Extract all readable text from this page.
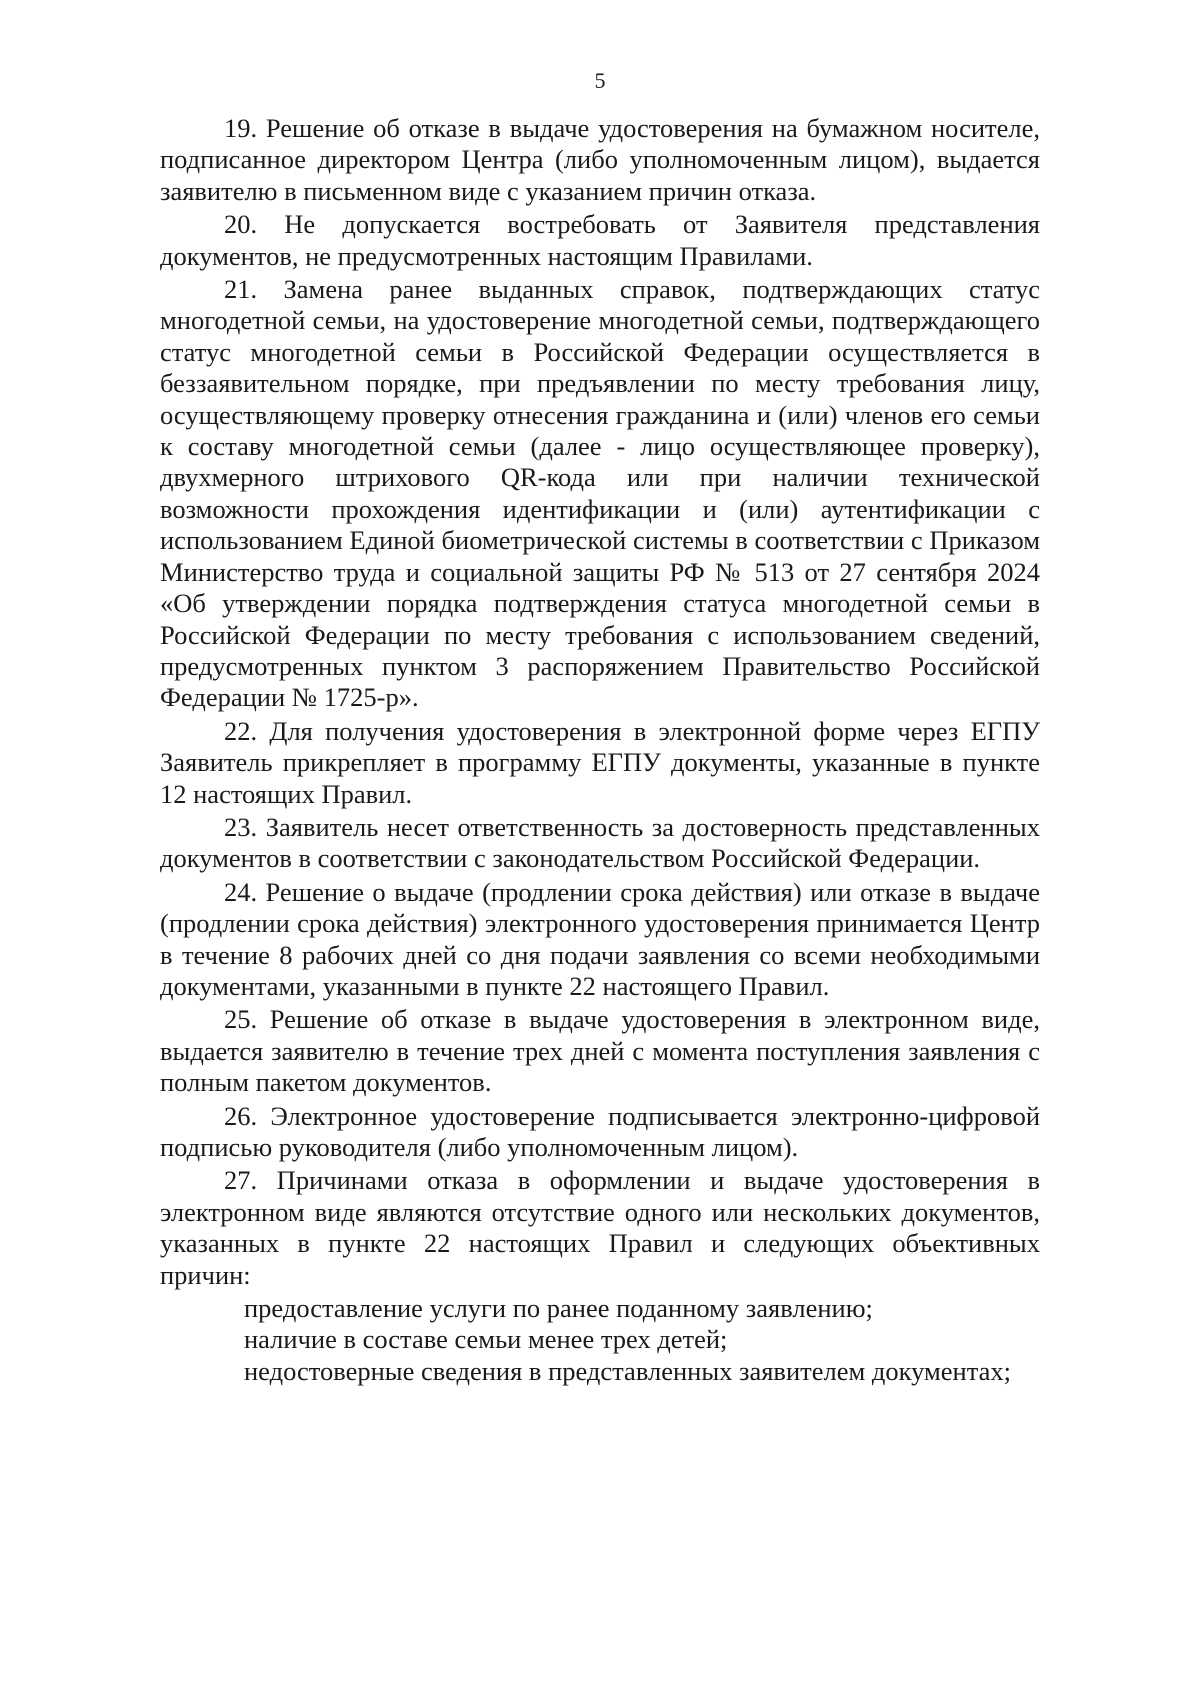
5

19. Решение об отказе в выдаче удостоверения на бумажном носителе, подписанное директором Центра (либо уполномоченным лицом), выдается заявителю в письменном виде с указанием причин отказа.

20. Не допускается востребовать от Заявителя представления документов, не предусмотренных настоящим Правилами.

21. Замена ранее выданных справок, подтверждающих статус многодетной семьи, на удостоверение многодетной семьи, подтверждающего статус многодетной семьи в Российской Федерации осуществляется в беззаявительном порядке, при предъявлении по месту требования лицу, осуществляющему проверку отнесения гражданина и (или) членов его семьи к составу многодетной семьи (далее - лицо осуществляющее проверку), двухмерного штрихового QR-кода или при наличии технической возможности прохождения идентификации и (или) аутентификации с использованием Единой биометрической системы в соответствии с Приказом Министерство труда и социальной защиты РФ № 513 от 27 сентября 2024 «Об утверждении порядка подтверждения статуса многодетной семьи в Российской Федерации по месту требования с использованием сведений, предусмотренных пунктом 3 распоряжением Правительство Российской Федерации № 1725-р».

22. Для получения удостоверения в электронной форме через ЕГПУ Заявитель прикрепляет в программу ЕГПУ документы, указанные в пункте 12 настоящих Правил.

23. Заявитель несет ответственность за достоверность представленных документов в соответствии с законодательством Российской Федерации.

24. Решение о выдаче (продлении срока действия) или отказе в выдаче (продлении срока действия) электронного удостоверения принимается Центр в течение 8 рабочих дней со дня подачи заявления со всеми необходимыми документами, указанными в пункте 22 настоящего Правил.

25. Решение об отказе в выдаче удостоверения в электронном виде, выдается заявителю в течение трех дней с момента поступления заявления с полным пакетом документов.

26. Электронное удостоверение подписывается электронно-цифровой подписью руководителя (либо уполномоченным лицом).

27. Причинами отказа в оформлении и выдаче удостоверения в электронном виде являются отсутствие одного или нескольких документов, указанных в пункте 22 настоящих Правил и следующих объективных причин:

предоставление услуги по ранее поданному заявлению;

наличие в составе семьи менее трех детей;

недостоверные сведения в представленных заявителем документах;
